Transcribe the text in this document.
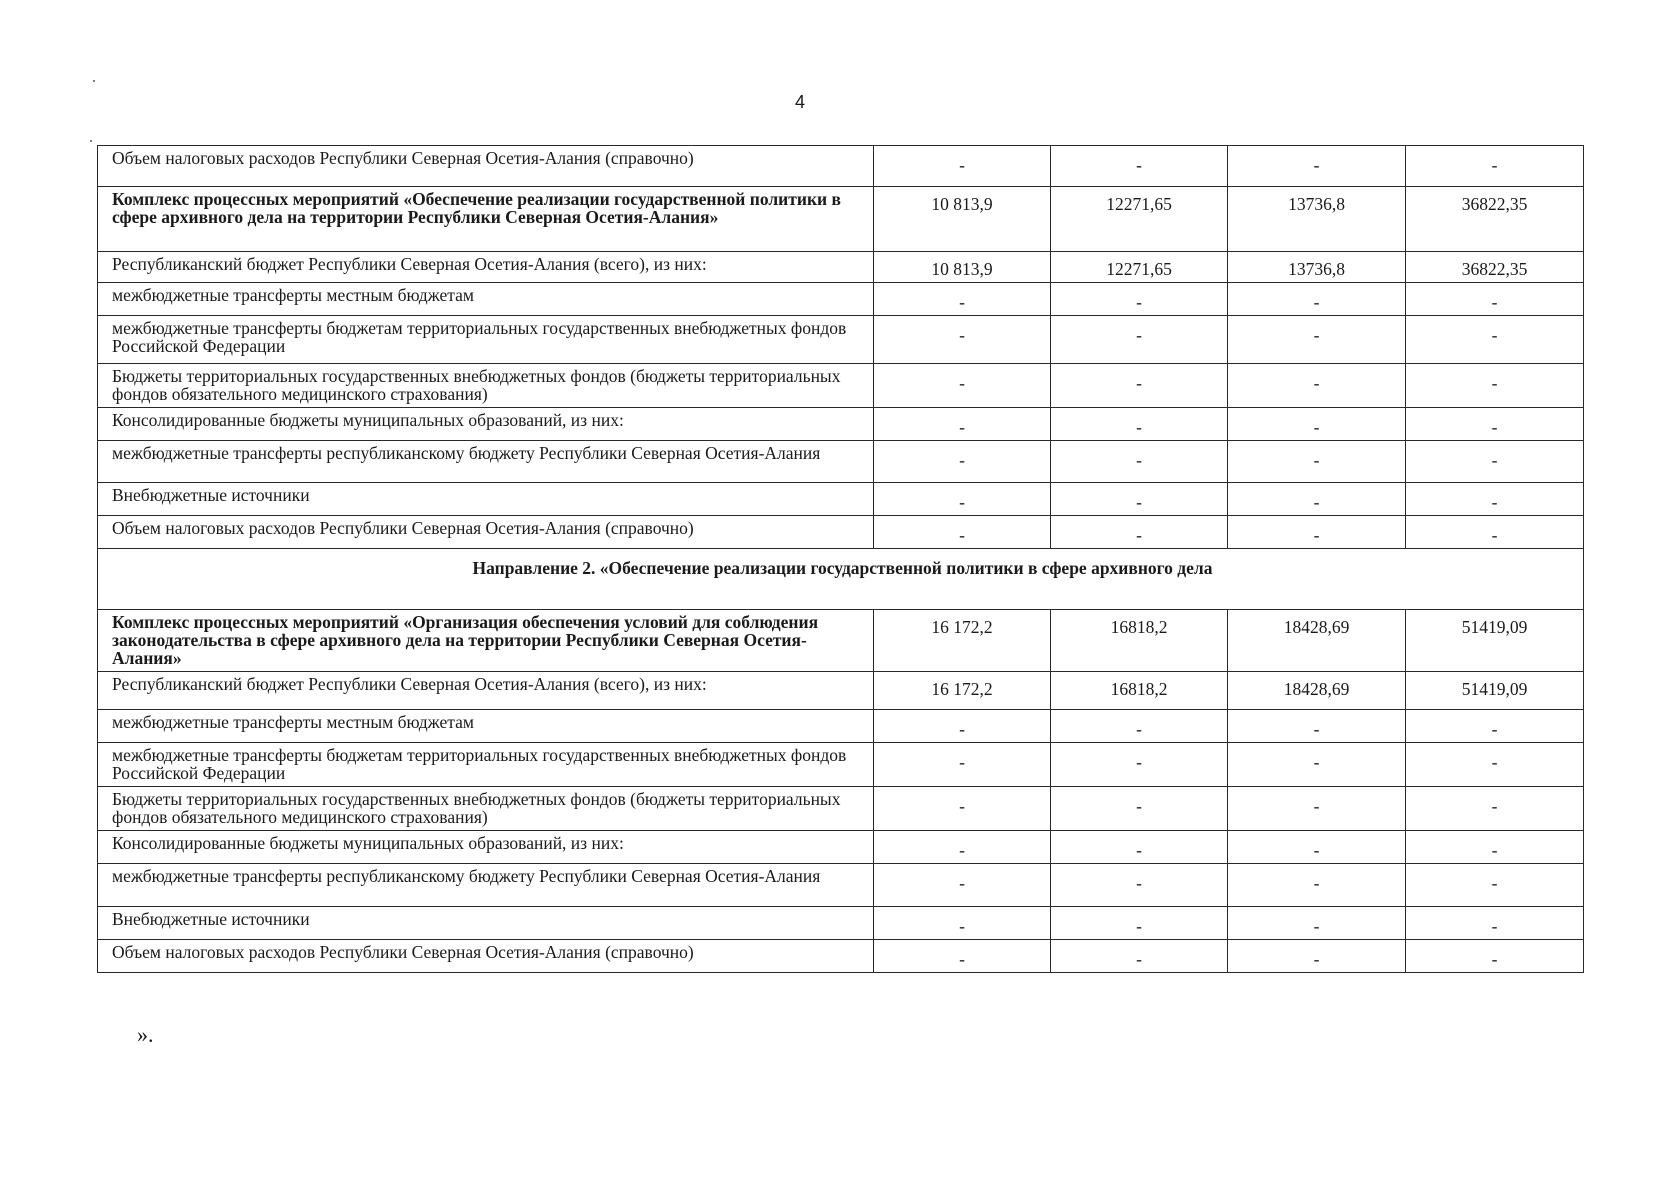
4
Объем налоговых расходов Республики Северная Осетия-Алания (справочно)	-	-	-	-
Комплекс процессных мероприятий «Обеспечение реализации государственной политики в сфере архивного дела на территории Республики Северная Осетия-Алания»	10 813,9	12271,65	13736,8	36822,35
Республиканский бюджет Республики Северная Осетия-Алания (всего), из них:	10 813,9	12271,65	13736,8	36822,35
межбюджетные трансферты местным бюджетам	-	-	-	-
межбюджетные трансферты бюджетам территориальных государственных внебюджетных фондов Российской Федерации	-	-	-	-
Бюджеты территориальных государственных внебюджетных фондов (бюджеты территориальных фондов обязательного медицинского страхования)	-	-	-	-
Консолидированные бюджеты муниципальных образований, из них:	-	-	-	-
межбюджетные трансферты республиканскому бюджету Республики Северная Осетия-Алания	-	-	-	-
Внебюджетные источники	-	-	-	-
Объем налоговых расходов Республики Северная Осетия-Алания (справочно)	-	-	-	-
Направление 2. «Обеспечение реализации государственной политики в сфере архивного дела				
Комплекс процессных мероприятий «Организация обеспечения условий для соблюдения законодательства в сфере архивного дела на территории Республики Северная Осетия-Алания»	16 172,2	16818,2	18428,69	51419,09
Республиканский бюджет Республики Северная Осетия-Алания (всего), из них:	16 172,2	16818,2	18428,69	51419,09
межбюджетные трансферты местным бюджетам	-	-	-	-
межбюджетные трансферты бюджетам территориальных государственных внебюджетных фондов Российской Федерации	-	-	-	-
Бюджеты территориальных государственных внебюджетных фондов (бюджеты территориальных фондов обязательного медицинского страхования)	-	-	-	-
Консолидированные бюджеты муниципальных образований, из них:	-	-	-	-
межбюджетные трансферты республиканскому бюджету Республики Северная Осетия-Алания	-	-	-	-
Внебюджетные источники	-	-	-	-
Объем налоговых расходов Республики Северная Осетия-Алания (справочно)	-	-	-	-
».
